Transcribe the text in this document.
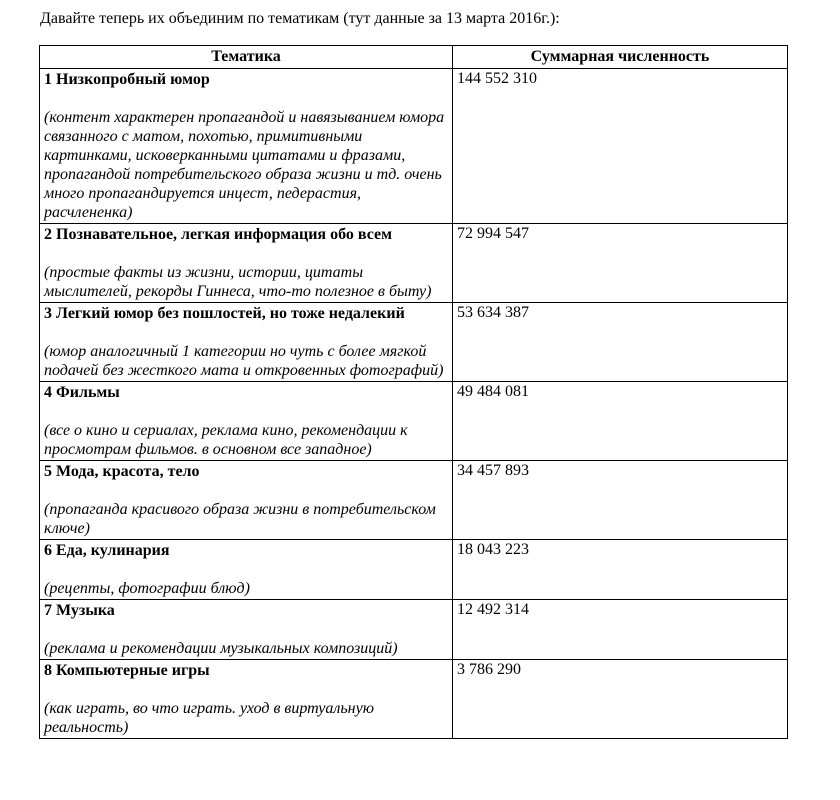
Давайте теперь их объединим по тематикам (тут данные за 13 марта 2016г.):
Тематика	Суммарная численность

1 Низкопробный юмор
(контент характерен пропагандой и навязыванием юмора связанного с матом, похотью, примитивными картинками, исковерканными цитатами и фразами, пропагандой потребительского образа жизни и тд. очень много пропагандируется инцест, педерастия, расчлененка)	144 552 310

2 Познавательное, легкая информация обо всем
(простые факты из жизни, истории, цитаты мыслителей, рекорды Гиннеса, что-то полезное в быту)	72 994 547

3 Легкий юмор без пошлостей, но тоже недалекий
(юмор аналогичный 1 категории но чуть с более мягкой подачей без жесткого мата и откровенных фотографий)	53 634 387

4 Фильмы
(все о кино и сериалах, реклама кино, рекомендации к просмотрам фильмов. в основном все западное)	49 484 081

5 Мода, красота, тело
(пропаганда красивого образа жизни в потребительском ключе)	34 457 893

6 Еда, кулинария
(рецепты, фотографии блюд)	18 043 223

7 Музыка
(реклама и рекомендации музыкальных композиций)	12 492 314

8 Компьютерные игры
(как играть, во что играть. уход в виртуальную реальность)	3 786 290
